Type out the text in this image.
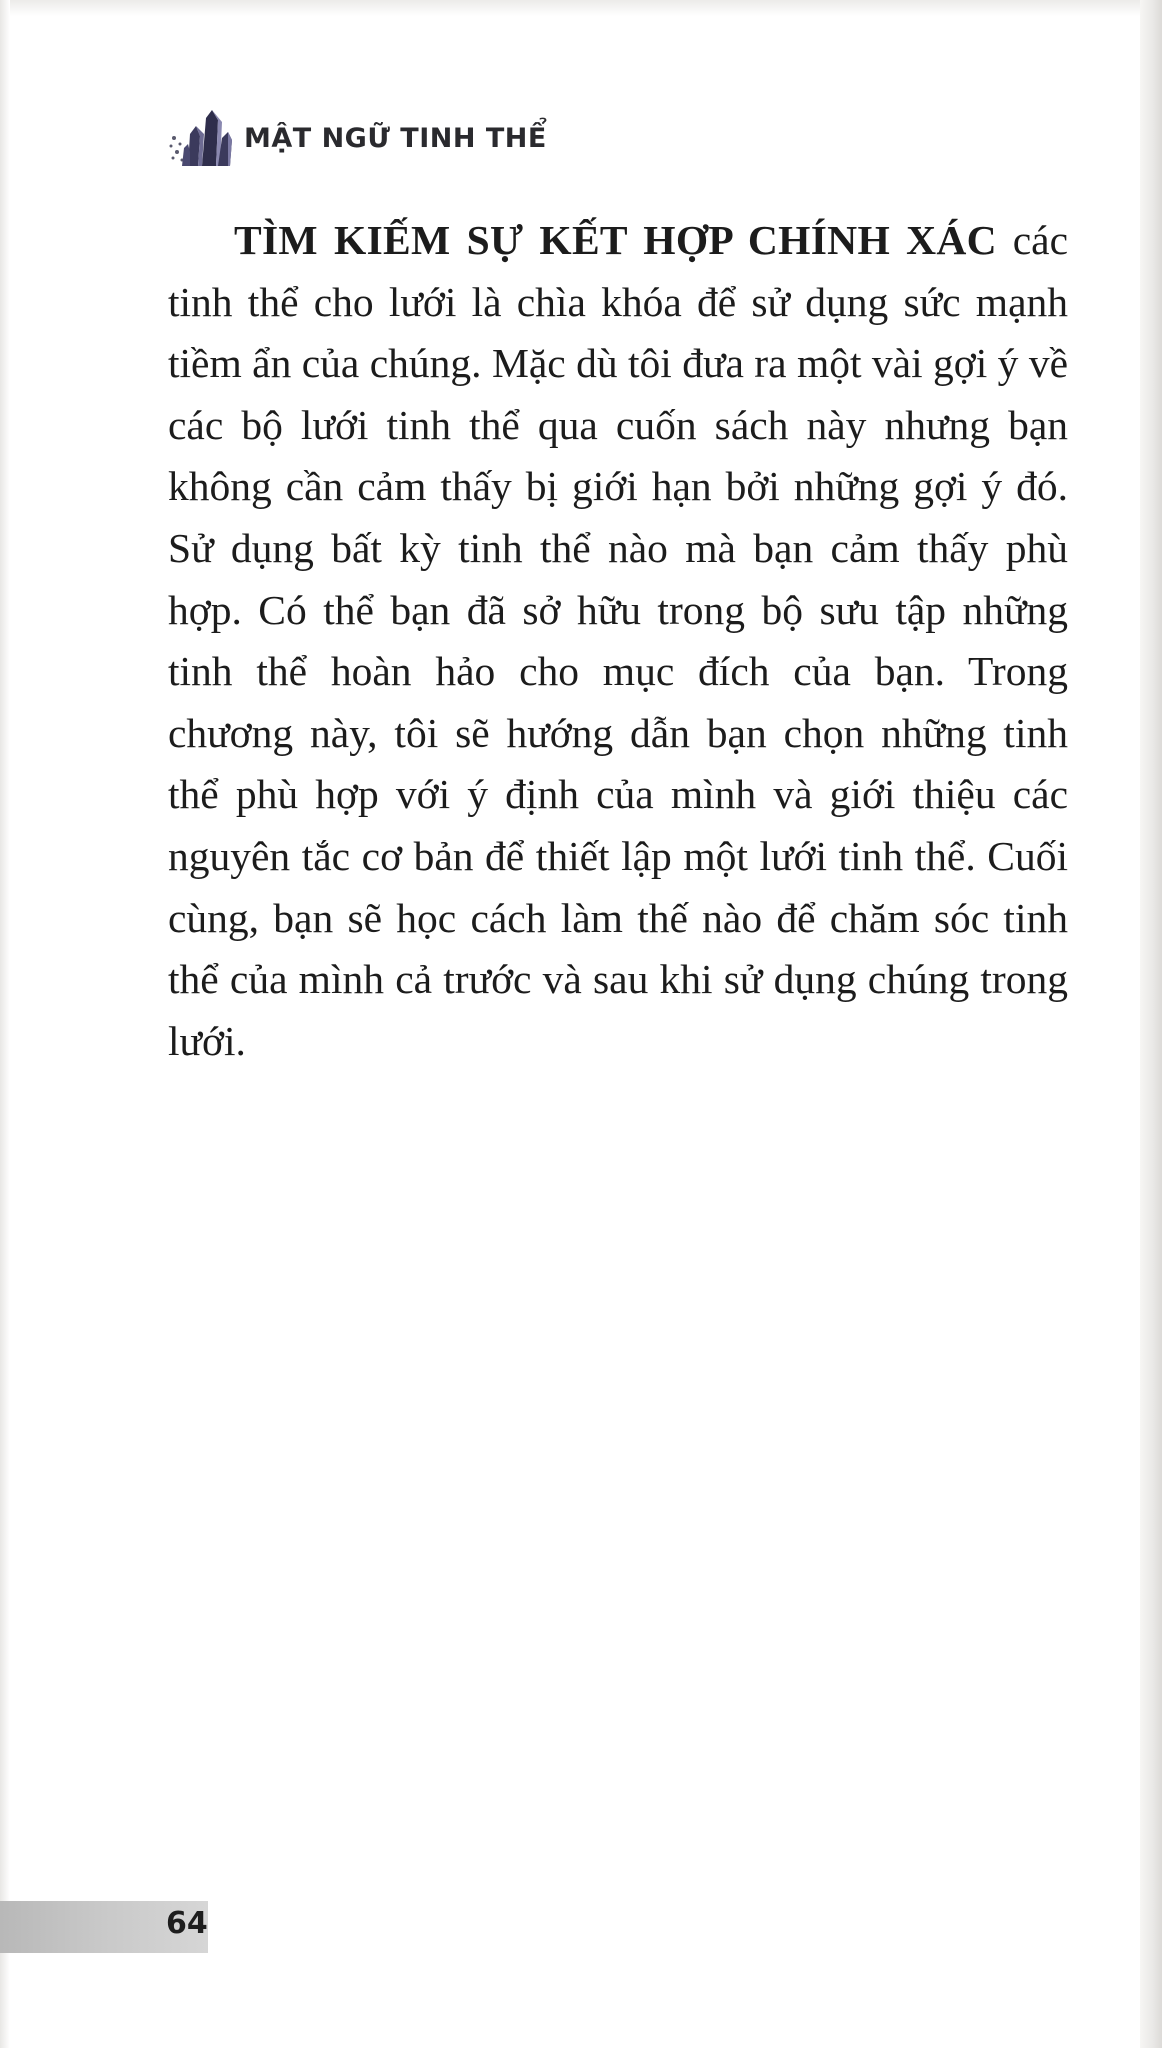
MẬT NGỮ TINH THỂ

TÌM KIẾM SỰ KẾT HỢP CHÍNH XÁC các tinh thể cho lưới là chìa khóa để sử dụng sức mạnh tiềm ẩn của chúng. Mặc dù tôi đưa ra một vài gợi ý về các bộ lưới tinh thể qua cuốn sách này nhưng bạn không cần cảm thấy bị giới hạn bởi những gợi ý đó. Sử dụng bất kỳ tinh thể nào mà bạn cảm thấy phù hợp. Có thể bạn đã sở hữu trong bộ sưu tập những tinh thể hoàn hảo cho mục đích của bạn. Trong chương này, tôi sẽ hướng dẫn bạn chọn những tinh thể phù hợp với ý định của mình và giới thiệu các nguyên tắc cơ bản để thiết lập một lưới tinh thể. Cuối cùng, bạn sẽ học cách làm thế nào để chăm sóc tinh thể của mình cả trước và sau khi sử dụng chúng trong lưới.

64
